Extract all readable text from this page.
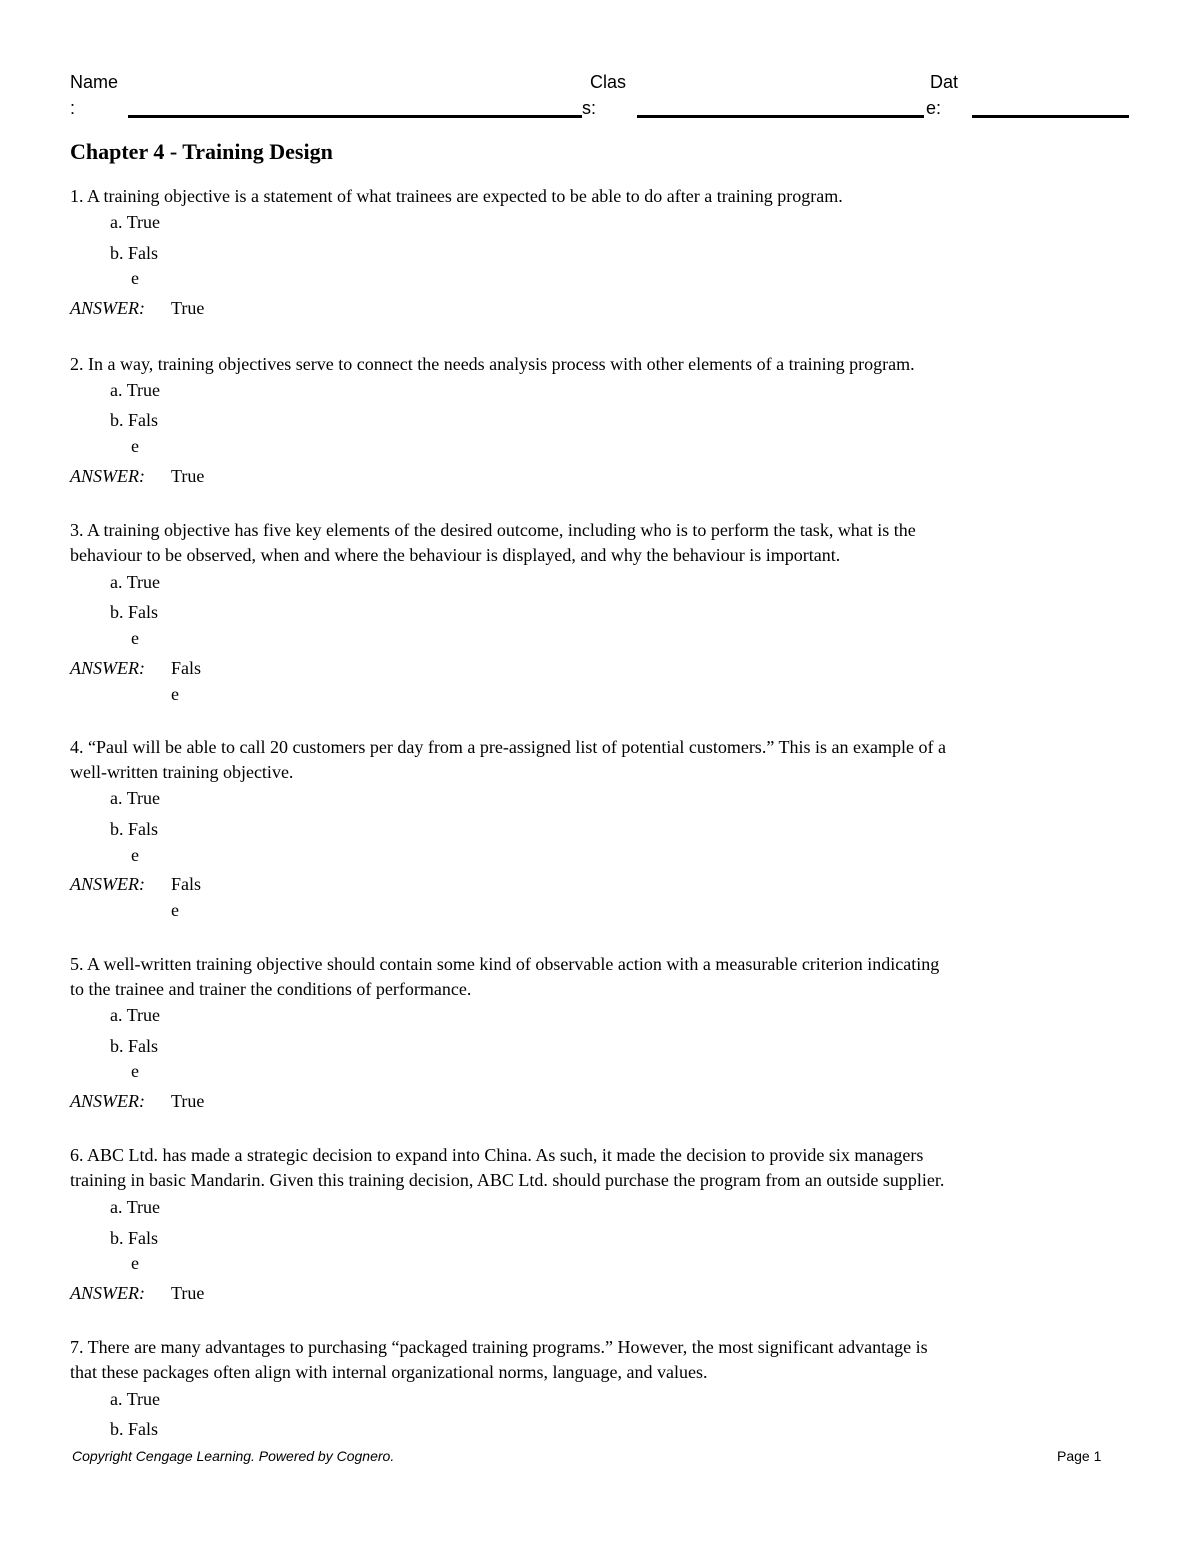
Name
:
Clas
s:
Dat
e:
Chapter 4 - Training Design
1. A training objective is a statement of what trainees are expected to be able to do after a training program.
a. True
b. Fals
e
ANSWER: True
2. In a way, training objectives serve to connect the needs analysis process with other elements of a training program.
a. True
b. Fals
e
ANSWER: True
3. A training objective has five key elements of the desired outcome, including who is to perform the task, what is the
behaviour to be observed, when and where the behaviour is displayed, and why the behaviour is important.
a. True
b. Fals
e
ANSWER: Fals
e
4. “Paul will be able to call 20 customers per day from a pre-assigned list of potential customers.” This is an example of a
well-written training objective.
a. True
b. Fals
e
ANSWER: Fals
e
5. A well-written training objective should contain some kind of observable action with a measurable criterion indicating
to the trainee and trainer the conditions of performance.
a. True
b. Fals
e
ANSWER: True
6. ABC Ltd. has made a strategic decision to expand into China. As such, it made the decision to provide six managers
training in basic Mandarin. Given this training decision, ABC Ltd. should purchase the program from an outside supplier.
a. True
b. Fals
e
ANSWER: True
7. There are many advantages to purchasing “packaged training programs.” However, the most significant advantage is
that these packages often align with internal organizational norms, language, and values.
a. True
b. Fals
Copyright Cengage Learning. Powered by Cognero.	Page 1
